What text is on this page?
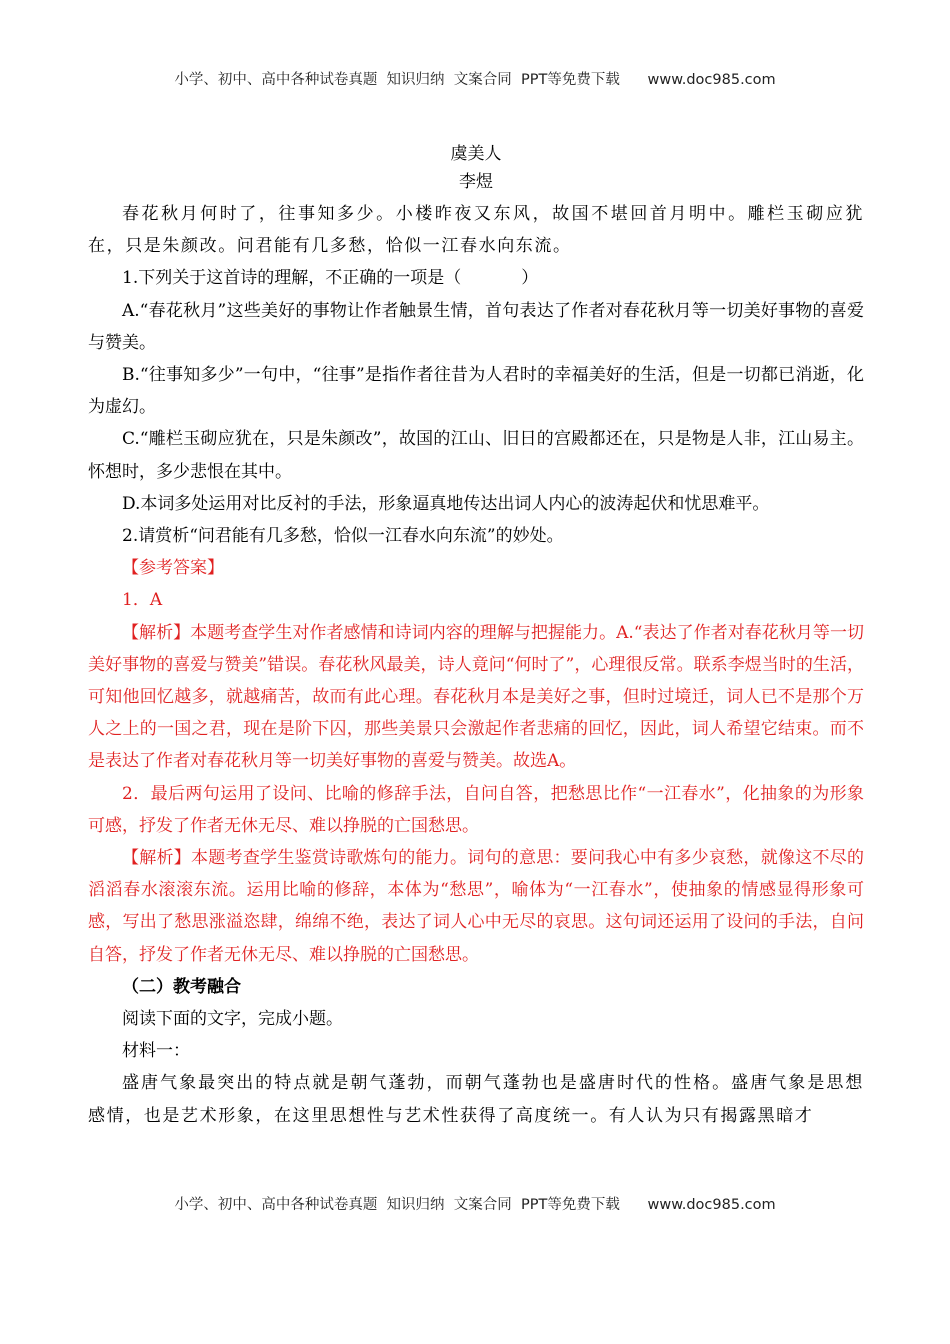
小学、初中、高中各种试卷真题  知识归纳  文案合同  PPT等免费下载      www.doc985.com
虞美人
李煜

春花秋月何时了，往事知多少。小楼昨夜又东风，故国不堪回首月明中。雕栏玉砌应犹在，只是朱颜改。问君能有几多愁，恰似一江春水向东流。

1.下列关于这首诗的理解，不正确的一项是（	）

A.“春花秋月”这些美好的事物让作者触景生情，首句表达了作者对春花秋月等一切美好事物的喜爱与赞美。

B.“往事知多少”一句中，“往事”是指作者往昔为人君时的幸福美好的生活，但是一切都已消逝，化为虚幻。

C.“雕栏玉砌应犹在，只是朱颜改”，故国的江山、旧日的宫殿都还在，只是物是人非，江山易主。怀想时，多少悲恨在其中。

D.本词多处运用对比反衬的手法，形象逼真地传达出词人内心的波涛起伏和忧思难平。

2.请赏析“问君能有几多愁，恰似一江春水向东流”的妙处。

【参考答案】

1．A

【解析】本题考查学生对作者感情和诗词内容的理解与把握能力。A.“表达了作者对春花秋月等一切美好事物的喜爱与赞美”错误。春花秋风最美，诗人竟问“何时了”，心理很反常。联系李煜当时的生活，可知他回忆越多，就越痛苦，故而有此心理。春花秋月本是美好之事，但时过境迁，词人已不是那个万人之上的一国之君，现在是阶下囚，那些美景只会激起作者悲痛的回忆，因此，词人希望它结束。而不是表达了作者对春花秋月等一切美好事物的喜爱与赞美。故选A。

2．最后两句运用了设问、比喻的修辞手法，自问自答，把愁思比作“一江春水”，化抽象的为形象可感，抒发了作者无休无尽、难以挣脱的亡国愁思。

【解析】本题考查学生鉴赏诗歌炼句的能力。词句的意思：要问我心中有多少哀愁，就像这不尽的滔滔春水滚滚东流。运用比喻的修辞，本体为“愁思”，喻体为“一江春水”，使抽象的情感显得形象可感，写出了愁思涨溢恣肆，绵绵不绝，表达了词人心中无尽的哀思。这句词还运用了设问的手法，自问自答，抒发了作者无休无尽、难以挣脱的亡国愁思。

（二）教考融合

阅读下面的文字，完成小题。

材料一：

盛唐气象最突出的特点就是朝气蓬勃，而朝气蓬勃也是盛唐时代的性格。盛唐气象是思想感情，也是艺术形象，在这里思想性与艺术性获得了高度统一。有人认为只有揭露黑暗才

小学、初中、高中各种试卷真题  知识归纳  文案合同  PPT等免费下载      www.doc985.com
